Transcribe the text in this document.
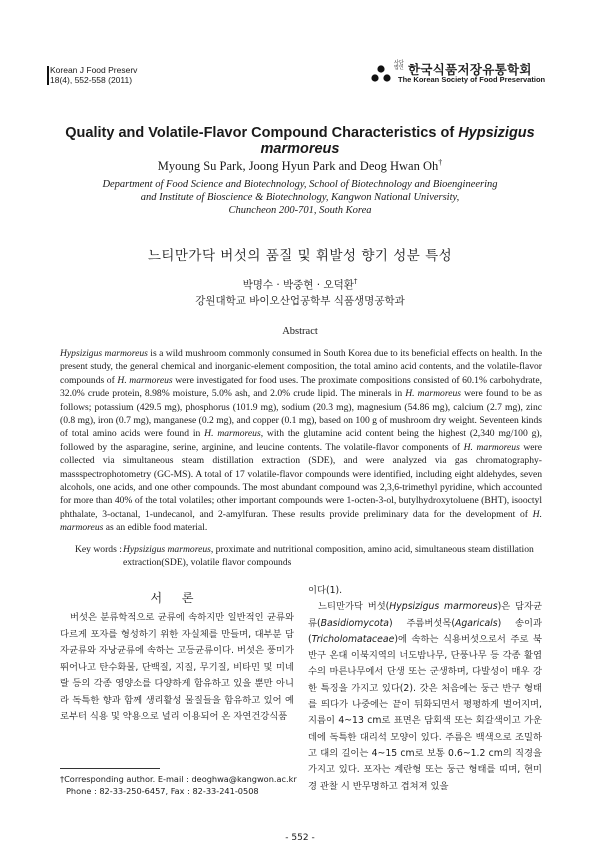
Korean J Food Preserv
18(4), 552-558 (2011)
사단법인 한국식품저장유통학회
The Korean Society of Food Preservation
Quality and Volatile-Flavor Compound Characteristics of Hypsizigus marmoreus
Myoung Su Park, Joong Hyun Park and Deog Hwan Oh†
Department of Food Science and Biotechnology, School of Biotechnology and Bioengineering
and Institute of Bioscience & Biotechnology, Kangwon National University,
Chuncheon 200-701, South Korea
느티만가닥 버섯의 품질 및 휘발성 향기 성분 특성
박명수 · 박중현 · 오덕환†
강원대학교 바이오산업공학부 식품생명공학과
Abstract
Hypsizigus marmoreus is a wild mushroom commonly consumed in South Korea due to its beneficial effects on health. In the present study, the general chemical and inorganic-element composition, the total amino acid contents, and the volatile-flavor compounds of H. marmoreus were investigated for food uses. The proximate compositions consisted of 60.1% carbohydrate, 32.0% crude protein, 8.98% moisture, 5.0% ash, and 2.0% crude lipid. The minerals in H. marmoreus were found to be as follows; potassium (429.5 mg), phosphorus (101.9 mg), sodium (20.3 mg), magnesium (54.86 mg), calcium (2.7 mg), zinc (0.8 mg), iron (0.7 mg), manganese (0.2 mg), and copper (0.1 mg), based on 100 g of mushroom dry weight. Seventeen kinds of total amino acids were found in H. marmoreus, with the glutamine acid content being the highest (2,340 mg/100 g), followed by the asparagine, serine, arginine, and leucine contents. The volatile-flavor components of H. marmoreus were collected via simultaneous steam distillation extraction (SDE), and were analyzed via gas chromatography-massspectrophotometry (GC-MS). A total of 17 volatile-flavor compounds were identified, including eight aldehydes, seven alcohols, one acids, and one other compounds. The most abundant compound was 2,3,6-trimethyl pyridine, which accounted for more than 40% of the total volatiles; other important compounds were 1-octen-3-ol, butylhydroxytoluene (BHT), isooctyl phthalate, 3-octanal, 1-undecanol, and 2-amylfuran. These results provide preliminary data for the development of H. marmoreus as an edible food material.
Key words : Hypsizigus marmoreus, proximate and nutritional composition, amino acid, simultaneous steam distillation extraction(SDE), volatile flavor compounds
서 론
버섯은 분류학적으로 균류에 속하지만 일반적인 균류와 다르게 포자를 형성하기 위한 자실체를 만들며, 대부분 담자균류와 자낭균류에 속하는 고등균류이다. 버섯은 풍미가 뛰어나고 탄수화물, 단백질, 지질, 무기질, 비타민 및 미네랄 등의 각종 영양소를 다양하게 함유하고 있을 뿐만 아니라 독특한 향과 함께 생리활성 물질들을 함유하고 있어 예로부터 식용 및 약용으로 널리 이용되어 온 자연건강식품
이다(1).
느티만가닥 버섯(Hypsizigus marmoreus)은 담자균류(Basidiomycota) 주름버섯목(Agaricals) 송이과(Tricholomataceae)에 속하는 식용버섯으로서 주로 북반구 온대 이북지역의 너도밤나무, 단풍나무 등 각종 활엽수의 마른나무에서 단생 또는 군생하며, 다발성이 매우 강한 특징을 가지고 있다(2). 갓은 처음에는 둥근 반구 형태를 띄다가 나중에는 끝이 뒤화되면서 평평하게 벌어지며, 지름이 4~13 cm로 표면은 담회색 또는 회갈색이고 가운데에 독특한 대리석 모양이 있다. 주름은 백색으로 조밀하고 대의 길이는 4~15 cm로 보통 0.6~1.2 cm의 직경을 가지고 있다. 포자는 계란형 또는 둥근 형태를 띠며, 현미경 관찰 시 반무명하고 겹쳐져 있을
†Corresponding author. E-mail : deoghwa@kangwon.ac.kr
Phone : 82-33-250-6457, Fax : 82-33-241-0508
- 552 -
